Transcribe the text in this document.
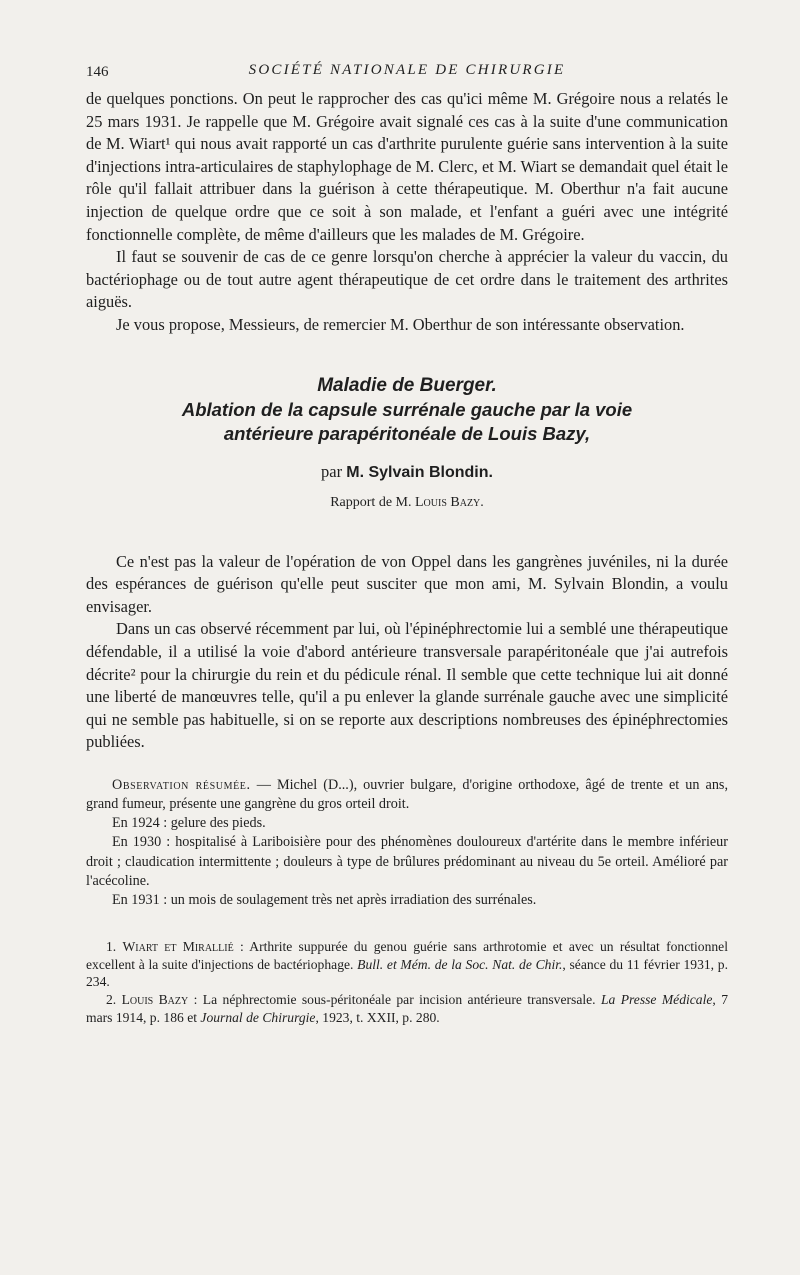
146	SOCIÉTÉ NATIONALE DE CHIRURGIE

de quelques ponctions. On peut le rapprocher des cas qu'ici même M. Grégoire nous a relatés le 25 mars 1931. Je rappelle que M. Grégoire avait signalé ces cas à la suite d'une communication de M. Wiart¹ qui nous avait rapporté un cas d'arthrite purulente guérie sans intervention à la suite d'injections intra-articulaires de staphylophage de M. Clerc, et M. Wiart se demandait quel était le rôle qu'il fallait attribuer dans la guérison à cette thérapeutique. M. Oberthur n'a fait aucune injection de quelque ordre que ce soit à son malade, et l'enfant a guéri avec une intégrité fonctionnelle complète, de même d'ailleurs que les malades de M. Grégoire.

Il faut se souvenir de cas de ce genre lorsqu'on cherche à apprécier la valeur du vaccin, du bactériophage ou de tout autre agent thérapeutique de cet ordre dans le traitement des arthrites aiguës.

Je vous propose, Messieurs, de remercier M. Oberthur de son intéressante observation.

Maladie de Buerger.

Ablation de la capsule surrénale gauche par la voie

antérieure parapéritonéale de Louis Bazy,

par M. Sylvain Blondin.
Rapport de M. Louis Bazy.

Ce n'est pas la valeur de l'opération de von Oppel dans les gangrènes juvéniles, ni la durée des espérances de guérison qu'elle peut susciter que mon ami, M. Sylvain Blondin, a voulu envisager.

Dans un cas observé récemment par lui, où l'épinéphrectomie lui a semblé une thérapeutique défendable, il a utilisé la voie d'abord antérieure transversale parapéritonéale que j'ai autrefois décrite² pour la chirurgie du rein et du pédicule rénal. Il semble que cette technique lui ait donné une liberté de manœuvres telle, qu'il a pu enlever la glande surrénale gauche avec une simplicité qui ne semble pas habituelle, si on se reporte aux descriptions nombreuses des épinéphrectomies publiées.

Observation résumée. — Michel (D...), ouvrier bulgare, d'origine orthodoxe, âgé de trente et un ans, grand fumeur, présente une gangrène du gros orteil droit.

En 1924 : gelure des pieds.

En 1930 : hospitalisé à Lariboisière pour des phénomènes douloureux d'artérite dans le membre inférieur droit ; claudication intermittente ; douleurs à type de brûlures prédominant au niveau du 5e orteil. Amélioré par l'acécoline.

En 1931 : un mois de soulagement très net après irradiation des surrénales.

1. Wiart et Mirallié : Arthrite suppurée du genou guérie sans arthrotomie et avec un résultat fonctionnel excellent à la suite d'injections de bactériophage. Bull. et Mém. de la Soc. Nat. de Chir., séance du 11 février 1931, p. 234.

2. Louis Bazy : La néphrectomie sous-péritonéale par incision antérieure transversale. La Presse Médicale, 7 mars 1914, p. 186 et Journal de Chirurgie, 1923, t. XXII, p. 280.
